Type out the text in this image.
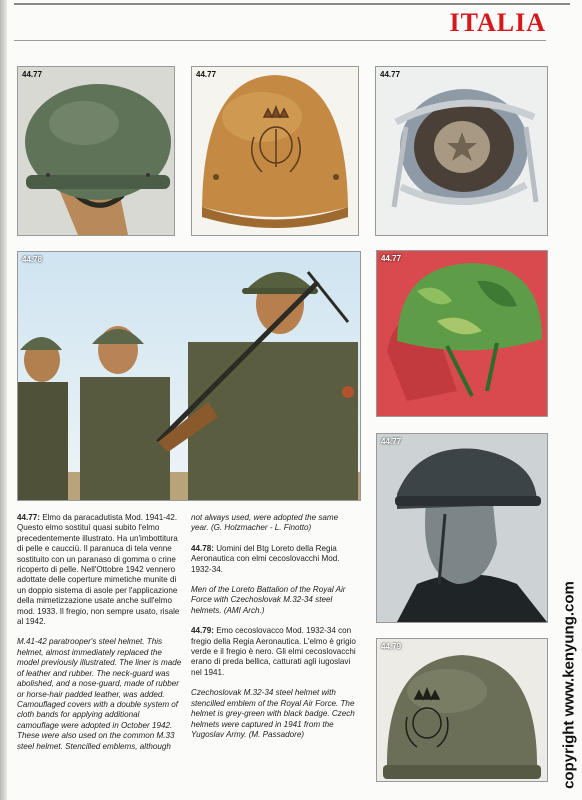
ITALIA
44.77	44.77	44.77
44.78	44.77
44.77
44.79

44.77: Elmo da paracadutista Mod. 1941-42. Questo elmo sostituì quasi subito l'elmo precedentemente illustrato. Ha un'imbottitura di pelle e caucciù. Il paranuca di tela venne sostituito con un paranaso di gomma o crine ricoperto di pelle. Nell'Ottobre 1942 vennero adottate delle coperture mimetiche munite di un doppio sistema di asole per l'applicazione della mimetizzazione usate anche sull'elmo mod. 1933. Il fregio, non sempre usato, risale al 1942.

M.41-42 paratrooper's steel helmet. This helmet, almost immediately replaced the model previously illustrated. The liner is made of leather and rubber. The neck-guard was abolished, and a nose-guard, made of rubber or horse-hair padded leather, was added. Camouflaged covers with a double system of cloth bands for applying additional camouflage were adopted in October 1942. These were also used on the common M.33 steel helmet. Stencilled emblems, although

not always used, were adopted the same year. (G. Holzmacher - L. Finotto)

44.78: Uomini del Btg Loreto della Regia Aeronautica con elmi cecoslovacchi Mod. 1932-34.

Men of the Loreto Battalion of the Royal Air Force with Czechoslovak M.32-34 steel helmets. (AMI Arch.)

44.79: Emo cecoslovacco Mod. 1932-34 con fregio della Regia Aeronautica. L'elmo è grigio verde e il fregio è nero. Gli elmi cecoslovacchi erano di preda bellica, catturati agli iugoslavi nel 1941.

Czechoslovak M.32-34 steel helmet with stencilled emblem of the Royal Air Force. The helmet is grey-green with black badge. Czech helmets were captured in 1941 from the Yugoslav Army. (M. Passadore)	copyright www.kenyung.com
